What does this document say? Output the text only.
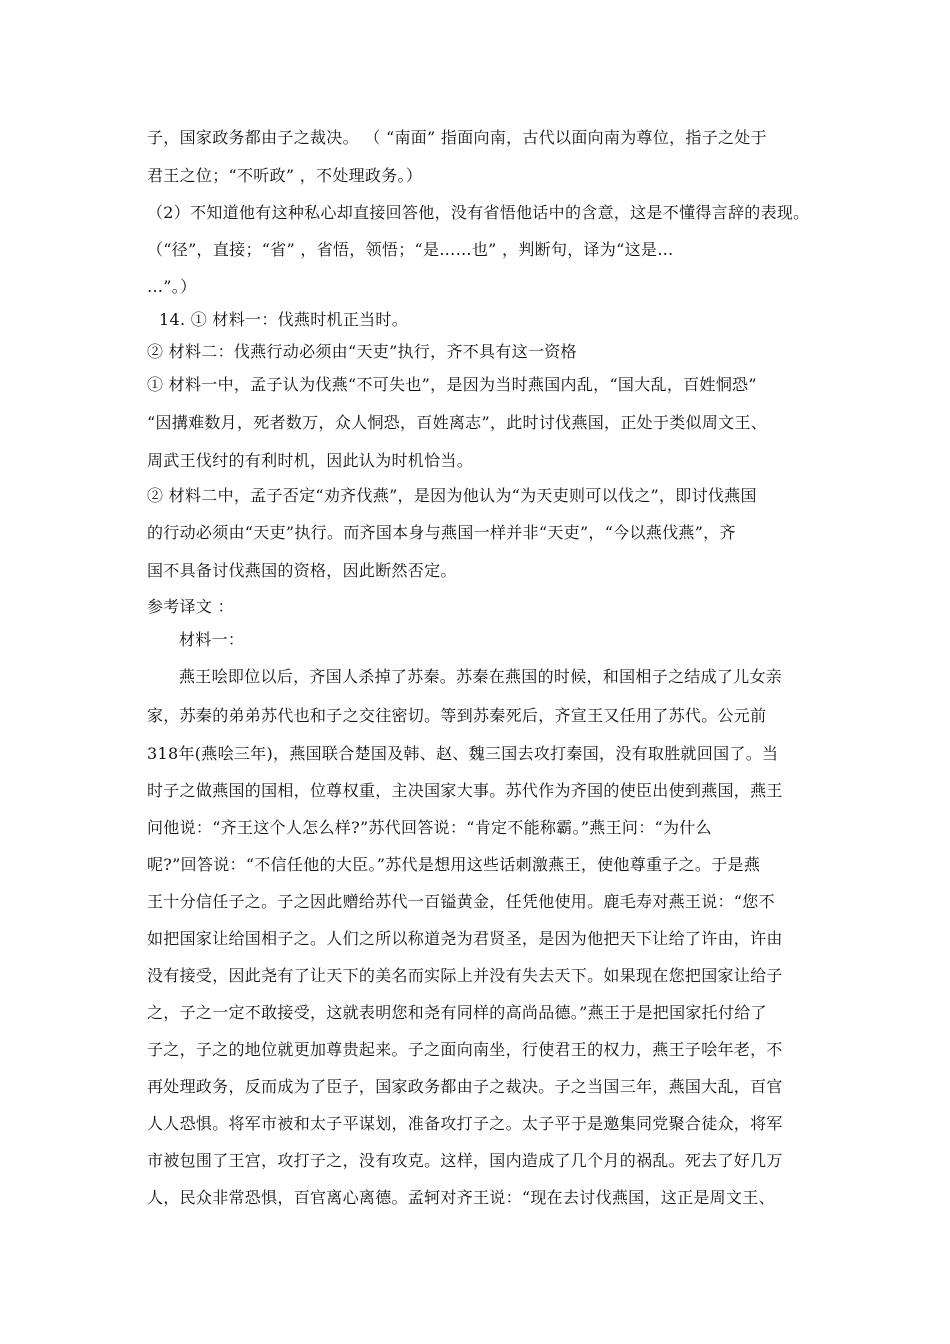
子，国家政务都由子之裁决。 （ “南面” 指面向南，古代以面向南为尊位，指子之处于
君王之位；“不听政” ，不处理政务。）
（2）不知道他有这种私心却直接回答他，没有省悟他话中的含意，这是不懂得言辞的表现。
（“径”，直接；“省” ，省悟，领悟；“是……也” ，判断句，译为“这是…
…”。）
14. ① 材料一：伐燕时机正当时。
② 材料二：伐燕行动必须由“天吏”执行，齐不具有这一资格
① 材料一中，孟子认为伐燕“不可失也”，是因为当时燕国内乱，“国大乱，百姓恫恐”
“因搆难数月，死者数万，众人恫恐，百姓离志”，此时讨伐燕国，正处于类似周文王、
周武王伐纣的有利时机，因此认为时机恰当。
② 材料二中，孟子否定“劝齐伐燕”，是因为他认为“为天吏则可以伐之”，即讨伐燕国
的行动必须由“天吏”执行。而齐国本身与燕国一样并非“天吏”，“今以燕伐燕”，齐
国不具备讨伐燕国的资格，因此断然否定。
参考译文 ：
材料一：
燕王哙即位以后，齐国人杀掉了苏秦。苏秦在燕国的时候，和国相子之结成了儿女亲
家，苏秦的弟弟苏代也和子之交往密切。等到苏秦死后，齐宣王又任用了苏代。公元前
318年(燕哙三年)，燕国联合楚国及韩、赵、魏三国去攻打秦国，没有取胜就回国了。当
时子之做燕国的国相，位尊权重，主决国家大事。苏代作为齐国的使臣出使到燕国，燕王
问他说：“齐王这个人怎么样?”苏代回答说：“肯定不能称霸。”燕王问：“为什么
呢?”回答说：“不信任他的大臣。”苏代是想用这些话刺激燕王，使他尊重子之。于是燕
王十分信任子之。子之因此赠给苏代一百镒黄金，任凭他使用。鹿毛寿对燕王说：“您不
如把国家让给国相子之。人们之所以称道尧为君贤圣，是因为他把天下让给了许由，许由
没有接受，因此尧有了让天下的美名而实际上并没有失去天下。如果现在您把国家让给子
之，子之一定不敢接受，这就表明您和尧有同样的高尚品德。”燕王于是把国家托付给了
子之，子之的地位就更加尊贵起来。子之面向南坐，行使君王的权力，燕王子哙年老，不
再处理政务，反而成为了臣子，国家政务都由子之裁决。子之当国三年，燕国大乱，百官
人人恐惧。将军市被和太子平谋划，准备攻打子之。太子平于是邀集同党聚合徒众，将军
市被包围了王宫，攻打子之，没有攻克。这样，国内造成了几个月的祸乱。死去了好几万
人，民众非常恐惧，百官离心离德。孟轲对齐王说：“现在去讨伐燕国，这正是周文王、
